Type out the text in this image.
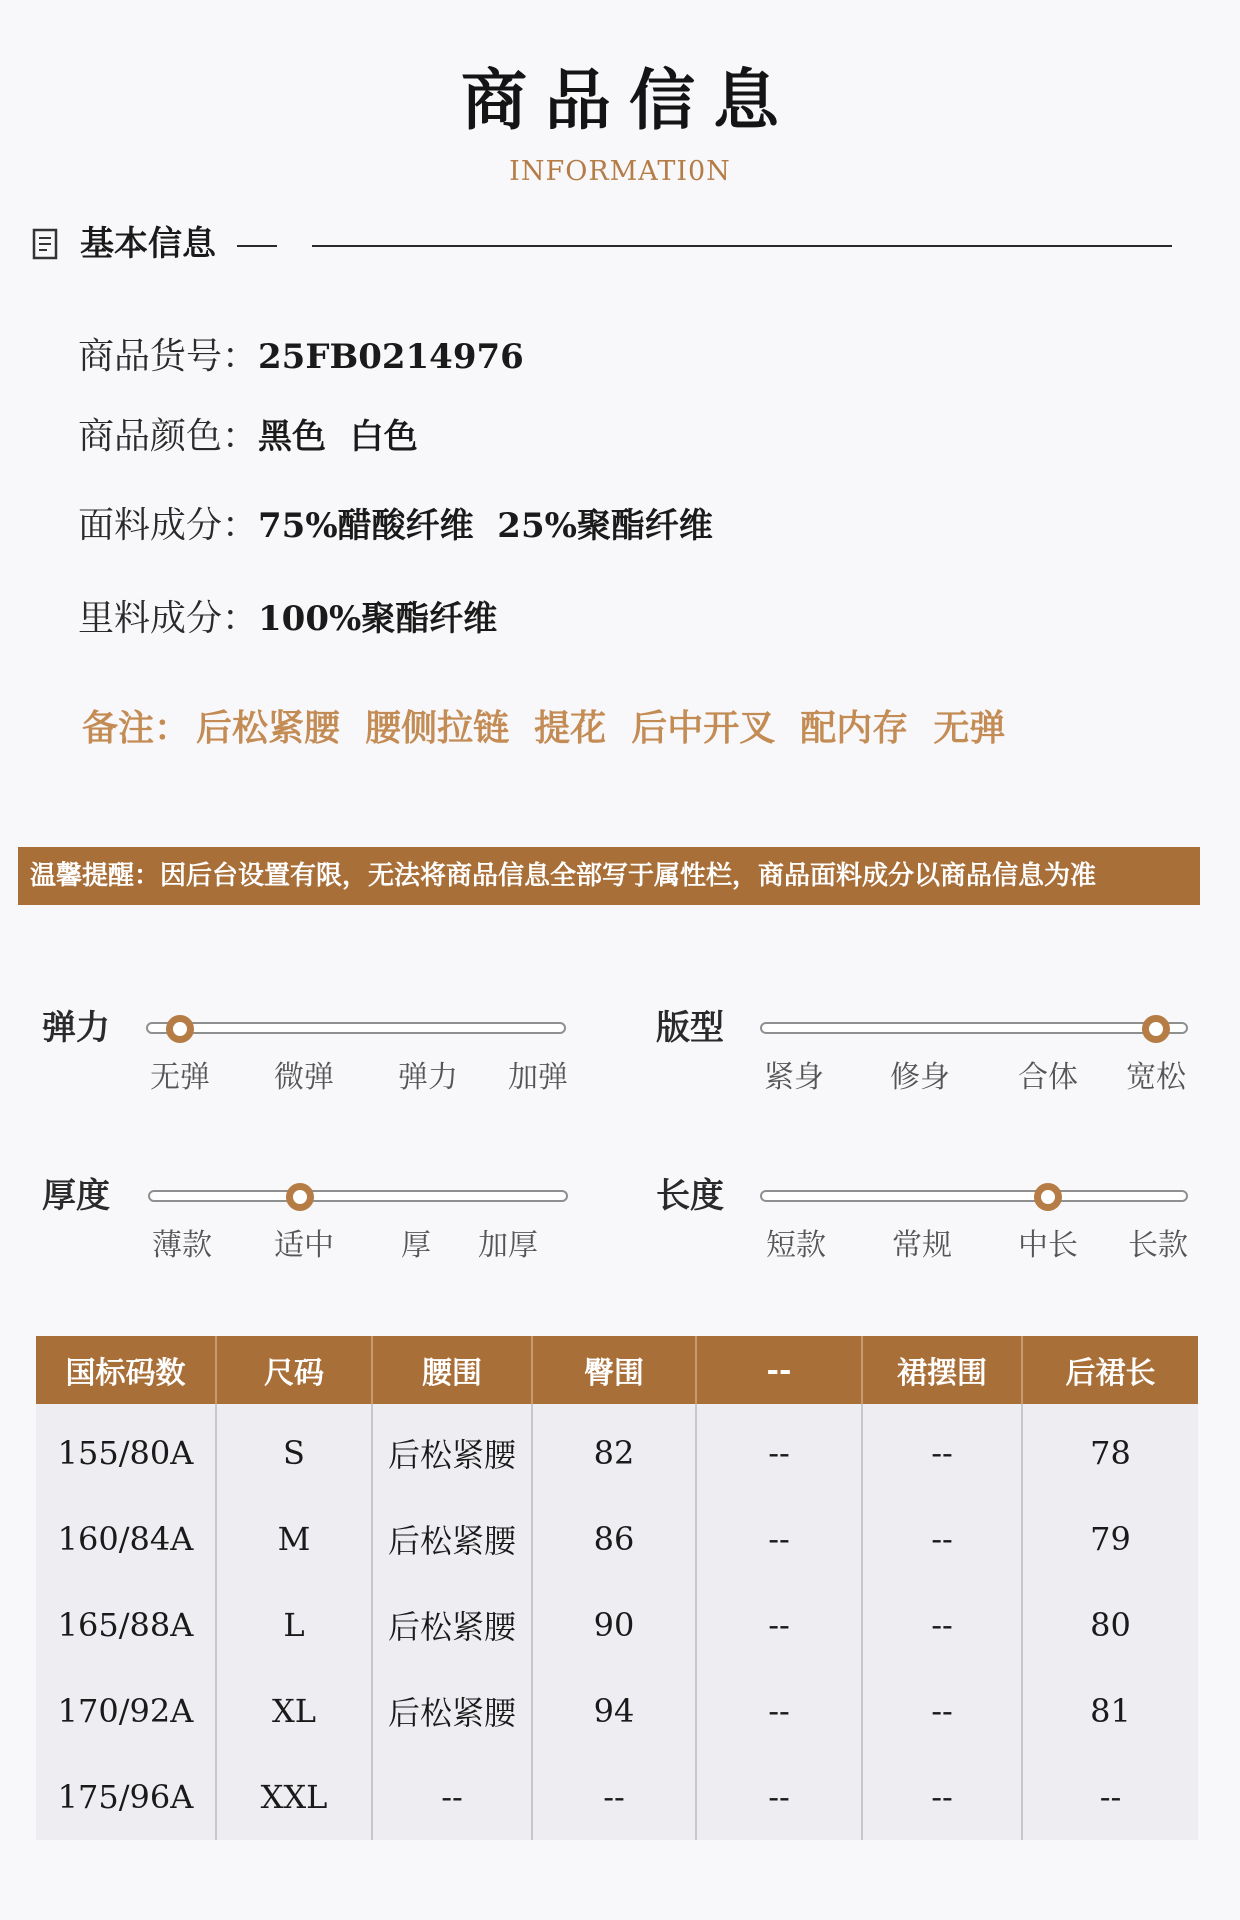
商品信息
INFORMATI0N
基本信息
商品货号：25FB0214976
商品颜色：黑色  白色
面料成分：75%醋酸纤维  25%聚酯纤维
里料成分：100%聚酯纤维
备注： 后松紧腰  腰侧拉链  提花  后中开叉  配内存  无弹
温馨提醒：因后台设置有限，无法将商品信息全部写于属性栏，商品面料成分以商品信息为准
弹力
无弹 微弹 弹力 加弹
版型
紧身 修身 合体 宽松
厚度
薄款 适中 厚 加厚
长度
短款 常规 中长 长款
国标码数	尺码	腰围	臀围	--	裙摆围	后裙长
155/80A	S	后松紧腰	82	--	--	78
160/84A	M	后松紧腰	86	--	--	79
165/88A	L	后松紧腰	90	--	--	80
170/92A	XL	后松紧腰	94	--	--	81
175/96A	XXL	--	--	--	--	--
